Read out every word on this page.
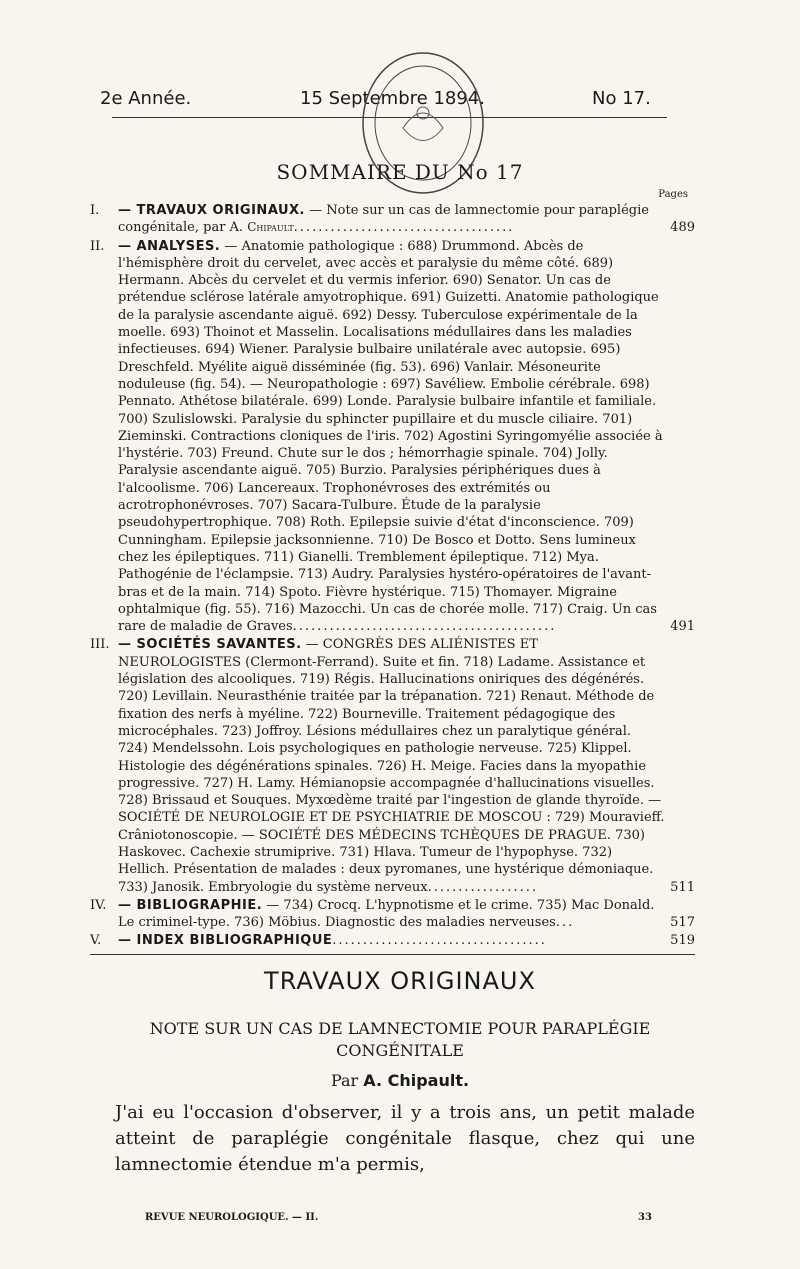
2e Année.	15 Septembre 1894.	No 17.
SOMMAIRE DU No 17
Pages
I. — TRAVAUX ORIGINAUX. — Note sur un cas de lamnectomie pour paraplégie congénitale, par A. Chipault....................................	489
II. — ANALYSES. — Anatomie pathologique : 688) Drummond. Abcès de l'hémisphère droit du cervelet, avec accès et paralysie du même côté. 689) Hermann. Abcès du cervelet et du vermis inferior. 690) Senator. Un cas de prétendue sclérose latérale amyotrophique. 691) Guizetti. Anatomie pathologique de la paralysie ascendante aiguë. 692) Dessy. Tuberculose expérimentale de la moelle. 693) Thoinot et Masselin. Localisations médullaires dans les maladies infectieuses. 694) Wiener. Paralysie bulbaire unilatérale avec autopsie. 695) Dreschfeld. Myélite aiguë disséminée (fig. 53). 696) Vanlair. Mésoneurite noduleuse (fig. 54). — Neuropathologie : 697) Savéliew. Embolie cérébrale. 698) Pennato. Athétose bilatérale. 699) Londe. Paralysie bulbaire infantile et familiale. 700) Szulislowski. Paralysie du sphincter pupillaire et du muscle ciliaire. 701) Zieminski. Contractions cloniques de l'iris. 702) Agostini Syringomyélie associée à l'hystérie. 703) Freund. Chute sur le dos ; hémorrhagie spinale. 704) Jolly. Paralysie ascendante aiguë. 705) Burzio. Paralysies périphériques dues à l'alcoolisme. 706) Lancereaux. Trophonévroses des extrémités ou acrotrophonévroses. 707) Sacara-Tulbure. Étude de la paralysie pseudohypertrophique. 708) Roth. Epilepsie suivie d'état d'inconscience. 709) Cunningham. Epilepsie jacksonnienne. 710) De Bosco et Dotto. Sens lumineux chez les épileptiques. 711) Gianelli. Tremblement épileptique. 712) Mya. Pathogénie de l'éclampsie. 713) Audry. Paralysies hystéro-opératoires de l'avant-bras et de la main. 714) Spoto. Fièvre hystérique. 715) Thomayer. Migraine ophtalmique (fig. 55). 716) Mazocchi. Un cas de chorée molle. 717) Craig. Un cas rare de maladie de Graves...........................................	491
III. — SOCIÉTÉS SAVANTES. — CONGRÈS DES ALIÉNISTES ET NEUROLOGISTES (Clermont-Ferrand). Suite et fin. 718) Ladame. Assistance et législation des alcooliques. 719) Régis. Hallucinations oniriques des dégénérés. 720) Levillain. Neurasthénie traitée par la trépanation. 721) Renaut. Méthode de fixation des nerfs à myéline. 722) Bourneville. Traitement pédagogique des microcéphales. 723) Joffroy. Lésions médullaires chez un paralytique général. 724) Mendelssohn. Lois psychologiques en pathologie nerveuse. 725) Klippel. Histologie des dégénérations spinales. 726) H. Meige. Facies dans la myopathie progressive. 727) H. Lamy. Hémianopsie accompagnée d'hallucinations visuelles. 728) Brissaud et Souques. Myxœdème traité par l'ingestion de glande thyroïde. — SOCIÉTÉ DE NEUROLOGIE ET DE PSYCHIATRIE DE MOSCOU : 729) Mouravieff. Crâniotonoscopie. — SOCIÉTÉ DES MÉDECINS TCHÈQUES DE PRAGUE. 730) Haskovec. Cachexie strumiprive. 731) Hlava. Tumeur de l'hypophyse. 732) Hellich. Présentation de malades : deux pyromanes, une hystérique démoniaque. 733) Janosik. Embryologie du système nerveux..................	511
IV. — BIBLIOGRAPHIE. — 734) Crocq. L'hypnotisme et le crime. 735) Mac Donald. Le criminel-type. 736) Möbius. Diagnostic des maladies nerveuses...	517
V. — INDEX BIBLIOGRAPHIQUE...................................	519
TRAVAUX ORIGINAUX
NOTE SUR UN CAS DE LAMNECTOMIE POUR PARAPLÉGIE CONGÉNITALE
Par A. Chipault.
J'ai eu l'occasion d'observer, il y a trois ans, un petit malade atteint de paraplégie congénitale flasque, chez qui une lamnectomie étendue m'a permis,
REVUE NEUROLOGIQUE. — II.	33
